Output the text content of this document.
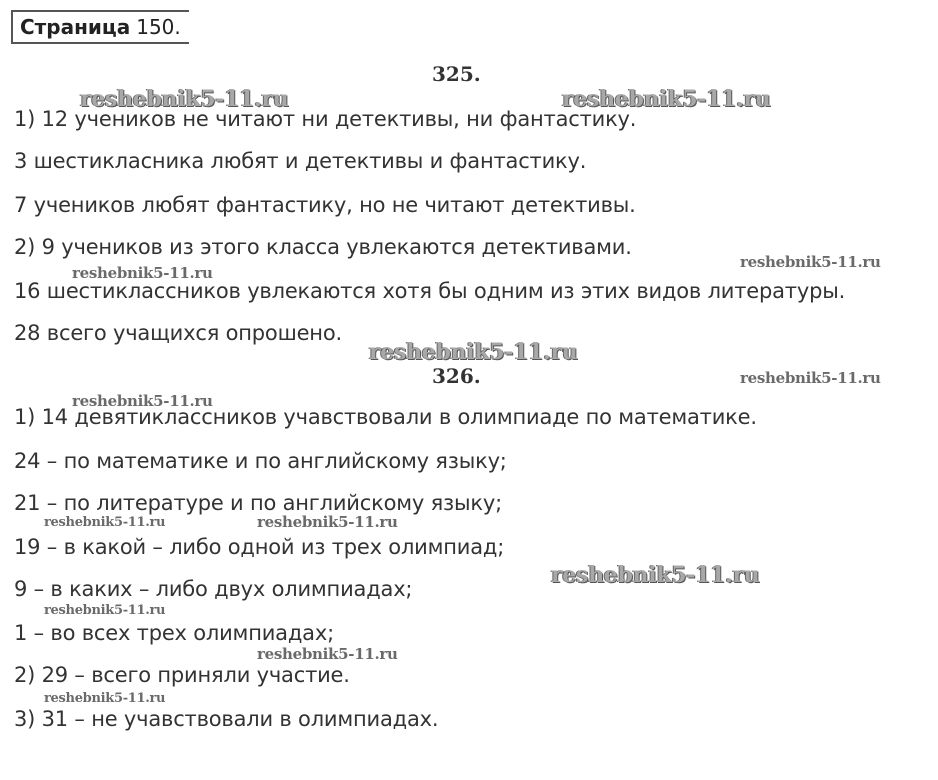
Страница 150.
325.
1) 12 учеников не читают ни детективы, ни фантастику.
3 шестикласника любят и детективы и фантастику.
7 учеников любят фантастику, но не читают детективы.
2) 9 учеников из этого класса увлекаются детективами.
16 шестиклассников увлекаются хотя бы одним из этих видов литературы.
28 всего учащихся опрошено.
326.
1) 14 девятиклассников учавствовали в олимпиаде по математике.
24 – по математике и по английскому языку;
21 – по литературе и по английскому языку;
19 – в какой – либо одной из трех олимпиад;
9 – в каких – либо двух олимпиадах;
1 – во всех трех олимпиадах;
2) 29 – всего приняли участие.
3) 31 – не учавствовали в олимпиадах.
reshebnik5-11.ru	reshebnik5-11.ru
reshebnik5-11.ru
reshebnik5-11.ru
reshebnik5-11.ru
reshebnik5-11.ru
reshebnik5-11.ru
reshebnik5-11.ru	reshebnik5-11.ru
reshebnik5-11.ru
reshebnik5-11.ru
reshebnik5-11.ru
reshebnik5-11.ru
